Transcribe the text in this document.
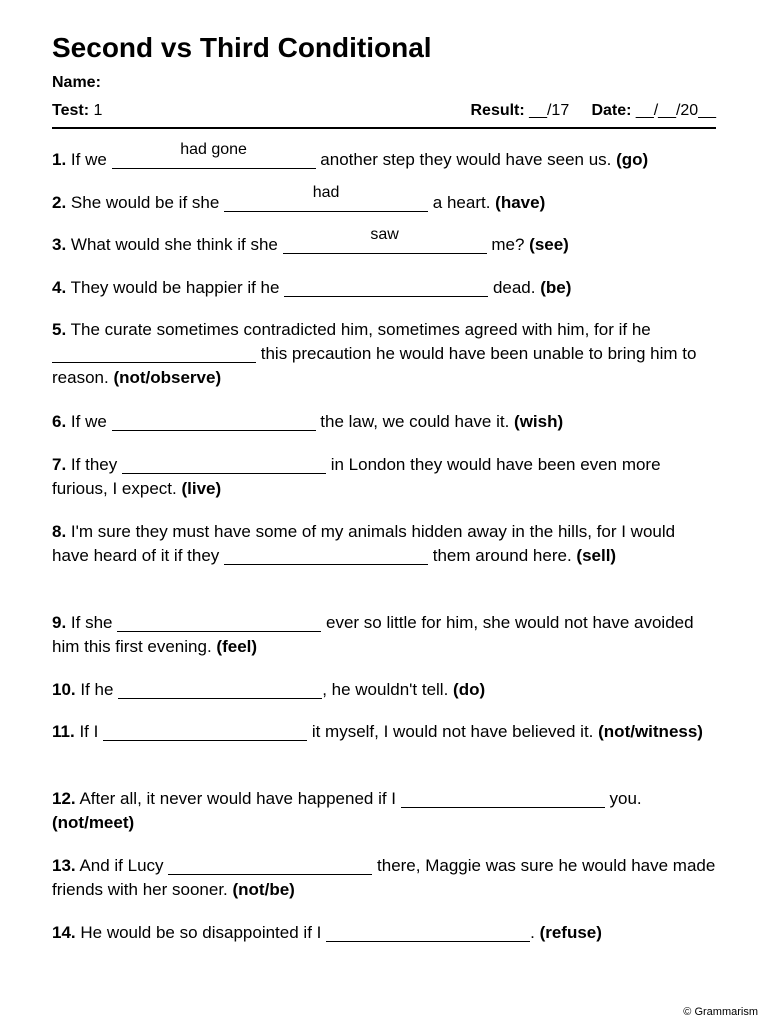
Second vs Third Conditional
Name:
Test: 1	Result: __/17 Date: __/__/20__
1. If we
had gone
another step they would have seen us. (go)
2. She would be if she
had
a heart. (have)
3. What would she think if she
saw
me? (see)
4. They would be happier if he	dead. (be)
5. The curate sometimes contradicted him, sometimes agreed with him, for if he
this precaution he would have been unable to bring him to reason. (not/observe)
6. If we	the law, we could have it. (wish)
7. If they	in London they would have been even more furious, I expect. (live)
8. I'm sure they must have some of my animals hidden away in the hills, for I would have heard of it if they	them around here. (sell)
9. If she	ever so little for him, she would not have avoided him this first evening. (feel)
10. If he	, he wouldn't tell. (do)
11. If I	it myself, I would not have believed it. (not/witness)
12. After all, it never would have happened if I	you. (not/meet)
13. And if Lucy	there, Maggie was sure he would have made friends with her sooner. (not/be)
14. He would be so disappointed if I	. (refuse)
© Grammarism
